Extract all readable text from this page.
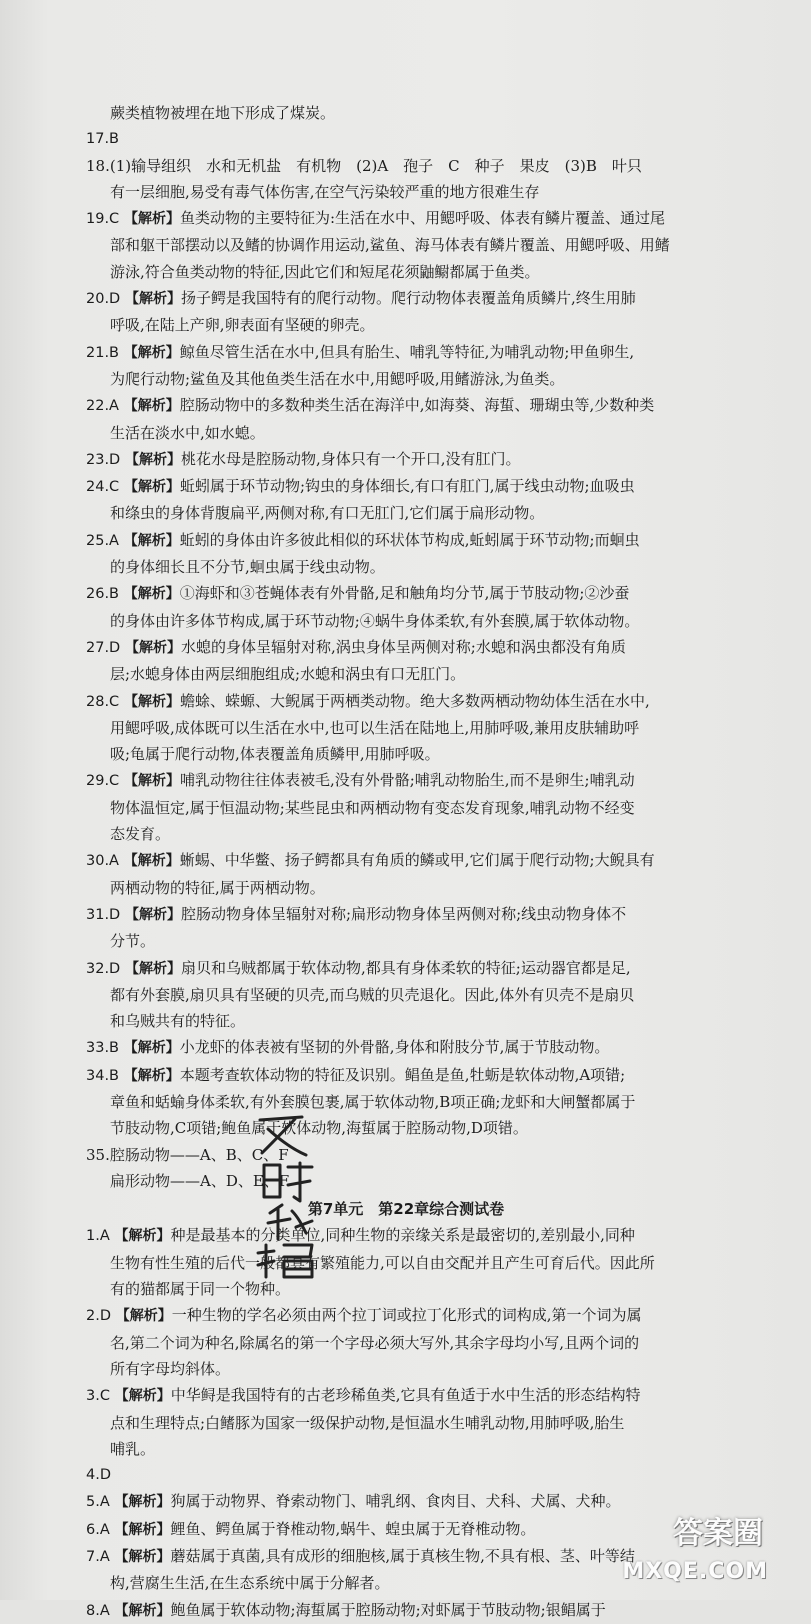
蕨类植物被埋在地下形成了煤炭。

17.B

18.(1)输导组织　水和无机盐　有机物　(2)A　孢子　C　种子　果皮　(3)B　叶只

有一层细胞,易受有毒气体伤害,在空气污染较严重的地方很难生存

19.C 【解析】鱼类动物的主要特征为:生活在水中、用鳃呼吸、体表有鳞片覆盖、通过尾

部和躯干部摆动以及鳍的协调作用运动,鲨鱼、海马体表有鳞片覆盖、用鳃呼吸、用鳍

游泳,符合鱼类动物的特征,因此它们和短尾花须鼬鳚都属于鱼类。

20.D 【解析】扬子鳄是我国特有的爬行动物。爬行动物体表覆盖角质鳞片,终生用肺

呼吸,在陆上产卵,卵表面有坚硬的卵壳。

21.B 【解析】鲸鱼尽管生活在水中,但具有胎生、哺乳等特征,为哺乳动物;甲鱼卵生,

为爬行动物;鲨鱼及其他鱼类生活在水中,用鳃呼吸,用鳍游泳,为鱼类。

22.A 【解析】腔肠动物中的多数种类生活在海洋中,如海葵、海蜇、珊瑚虫等,少数种类

生活在淡水中,如水螅。

23.D 【解析】桃花水母是腔肠动物,身体只有一个开口,没有肛门。

24.C 【解析】蚯蚓属于环节动物;钩虫的身体细长,有口有肛门,属于线虫动物;血吸虫

和绦虫的身体背腹扁平,两侧对称,有口无肛门,它们属于扁形动物。

25.A 【解析】蚯蚓的身体由许多彼此相似的环状体节构成,蚯蚓属于环节动物;而蛔虫

的身体细长且不分节,蛔虫属于线虫动物。

26.B 【解析】①海虾和③苍蝇体表有外骨骼,足和触角均分节,属于节肢动物;②沙蚕

的身体由许多体节构成,属于环节动物;④蜗牛身体柔软,有外套膜,属于软体动物。

27.D 【解析】水螅的身体呈辐射对称,涡虫身体呈两侧对称;水螅和涡虫都没有角质

层;水螅身体由两层细胞组成;水螅和涡虫有口无肛门。

28.C 【解析】蟾蜍、蝾螈、大鲵属于两栖类动物。绝大多数两栖动物幼体生活在水中,

用鳃呼吸,成体既可以生活在水中,也可以生活在陆地上,用肺呼吸,兼用皮肤辅助呼

吸;龟属于爬行动物,体表覆盖角质鳞甲,用肺呼吸。

29.C 【解析】哺乳动物往往体表被毛,没有外骨骼;哺乳动物胎生,而不是卵生;哺乳动

物体温恒定,属于恒温动物;某些昆虫和两栖动物有变态发育现象,哺乳动物不经变

态发育。

30.A 【解析】蜥蜴、中华鳖、扬子鳄都具有角质的鳞或甲,它们属于爬行动物;大鲵具有

两栖动物的特征,属于两栖动物。

31.D 【解析】腔肠动物身体呈辐射对称;扁形动物身体呈两侧对称;线虫动物身体不

分节。

32.D 【解析】扇贝和乌贼都属于软体动物,都具有身体柔软的特征;运动器官都是足,

都有外套膜,扇贝具有坚硬的贝壳,而乌贼的贝壳退化。因此,体外有贝壳不是扇贝

和乌贼共有的特征。

33.B 【解析】小龙虾的体表被有坚韧的外骨骼,身体和附肢分节,属于节肢动物。

34.B 【解析】本题考查软体动物的特征及识别。鲳鱼是鱼,牡蛎是软体动物,A项错;

章鱼和蛞蝓身体柔软,有外套膜包裹,属于软体动物,B项正确;龙虾和大闸蟹都属于

节肢动物,C项错;鲍鱼属于软体动物,海蜇属于腔肠动物,D项错。

35.腔肠动物——A、B、C、F

扁形动物——A、D、E、F

第7单元　第22章综合测试卷

1.A 【解析】种是最基本的分类单位,同种生物的亲缘关系是最密切的,差别最小,同种

生物有性生殖的后代一般都具有繁殖能力,可以自由交配并且产生可育后代。因此所

有的猫都属于同一个物种。

2.D 【解析】一种生物的学名必须由两个拉丁词或拉丁化形式的词构成,第一个词为属

名,第二个词为种名,除属名的第一个字母必须大写外,其余字母均小写,且两个词的

所有字母均斜体。

3.C 【解析】中华鲟是我国特有的古老珍稀鱼类,它具有鱼适于水中生活的形态结构特

点和生理特点;白鳍豚为国家一级保护动物,是恒温水生哺乳动物,用肺呼吸,胎生

哺乳。

4.D

5.A 【解析】狗属于动物界、脊索动物门、哺乳纲、食肉目、犬科、犬属、犬种。

6.A 【解析】鲤鱼、鳄鱼属于脊椎动物,蜗牛、蝗虫属于无脊椎动物。

7.A 【解析】蘑菇属于真菌,具有成形的细胞核,属于真核生物,不具有根、茎、叶等结

构,营腐生生活,在生态系统中属于分解者。

8.A 【解析】鲍鱼属于软体动物;海蜇属于腔肠动物;对虾属于节肢动物;银鲳属于

答案圈
MXQE.COM
